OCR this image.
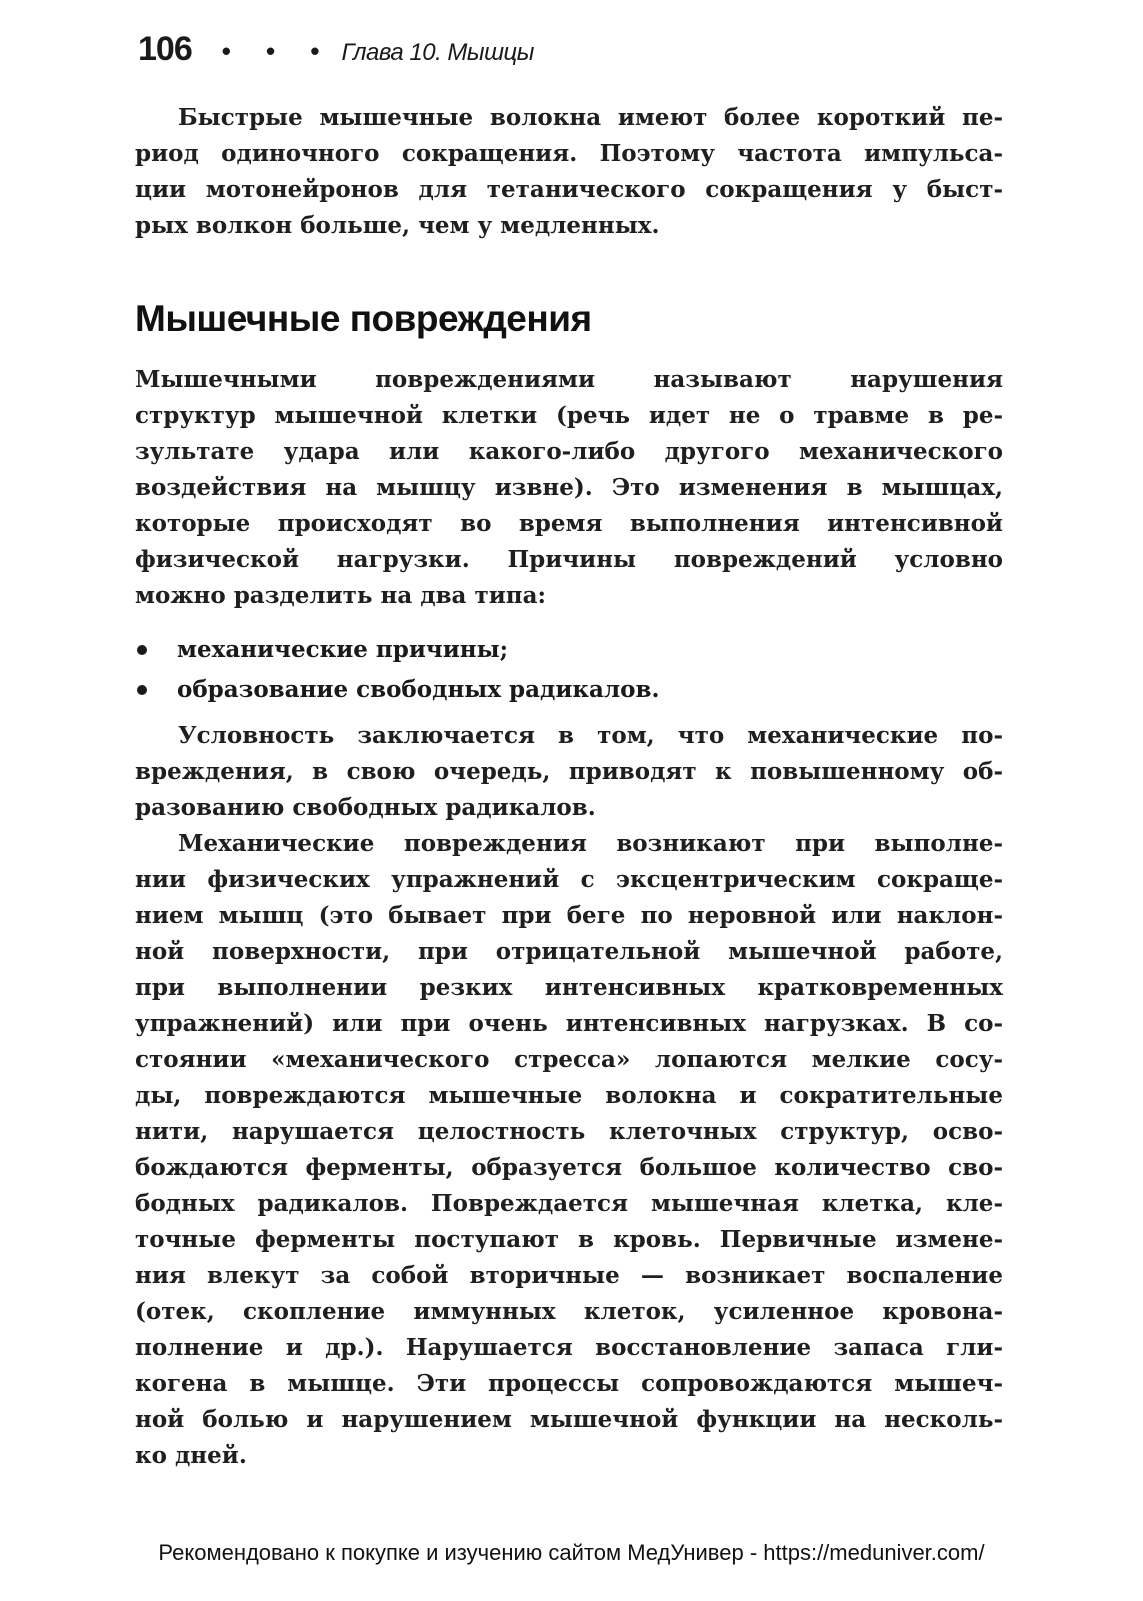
106 • • • Глава 10. Мышцы

Быстрые мышечные волокна имеют более короткий пе-
риод одиночного сокращения. Поэтому частота импульса-
ции мотонейронов для тетанического сокращения у быст-
рых волкон больше, чем у медленных.

Мышечные повреждения

Мышечными повреждениями называют нарушения
структур мышечной клетки (речь идет не о травме в ре-
зультате удара или какого-либо другого механического
воздействия на мышцу извне). Это изменения в мышцах,
которые происходят во время выполнения интенсивной
физической нагрузки. Причины повреждений условно
можно разделить на два типа:

механические причины;
образование свободных радикалов.

Условность заключается в том, что механические по-
вреждения, в свою очередь, приводят к повышенному об-
разованию свободных радикалов.

Механические повреждения возникают при выполне-
нии физических упражнений с эксцентрическим сокраще-
нием мышц (это бывает при беге по неровной или наклон-
ной поверхности, при отрицательной мышечной работе,
при выполнении резких интенсивных кратковременных
упражнений) или при очень интенсивных нагрузках. В со-
стоянии «механического стресса» лопаются мелкие сосу-
ды, повреждаются мышечные волокна и сократительные
нити, нарушается целостность клеточных структур, осво-
бождаются ферменты, образуется большое количество сво-
бодных радикалов. Повреждается мышечная клетка, кле-
точные ферменты поступают в кровь. Первичные измене-
ния влекут за собой вторичные — возникает воспаление
(отек, скопление иммунных клеток, усиленное кровона-
полнение и др.). Нарушается восстановление запаса гли-
когена в мышце. Эти процессы сопровождаются мышеч-
ной болью и нарушением мышечной функции на несколь-
ко дней.

Рекомендовано к покупке и изучению сайтом МедУнивер - https://meduniver.com/
